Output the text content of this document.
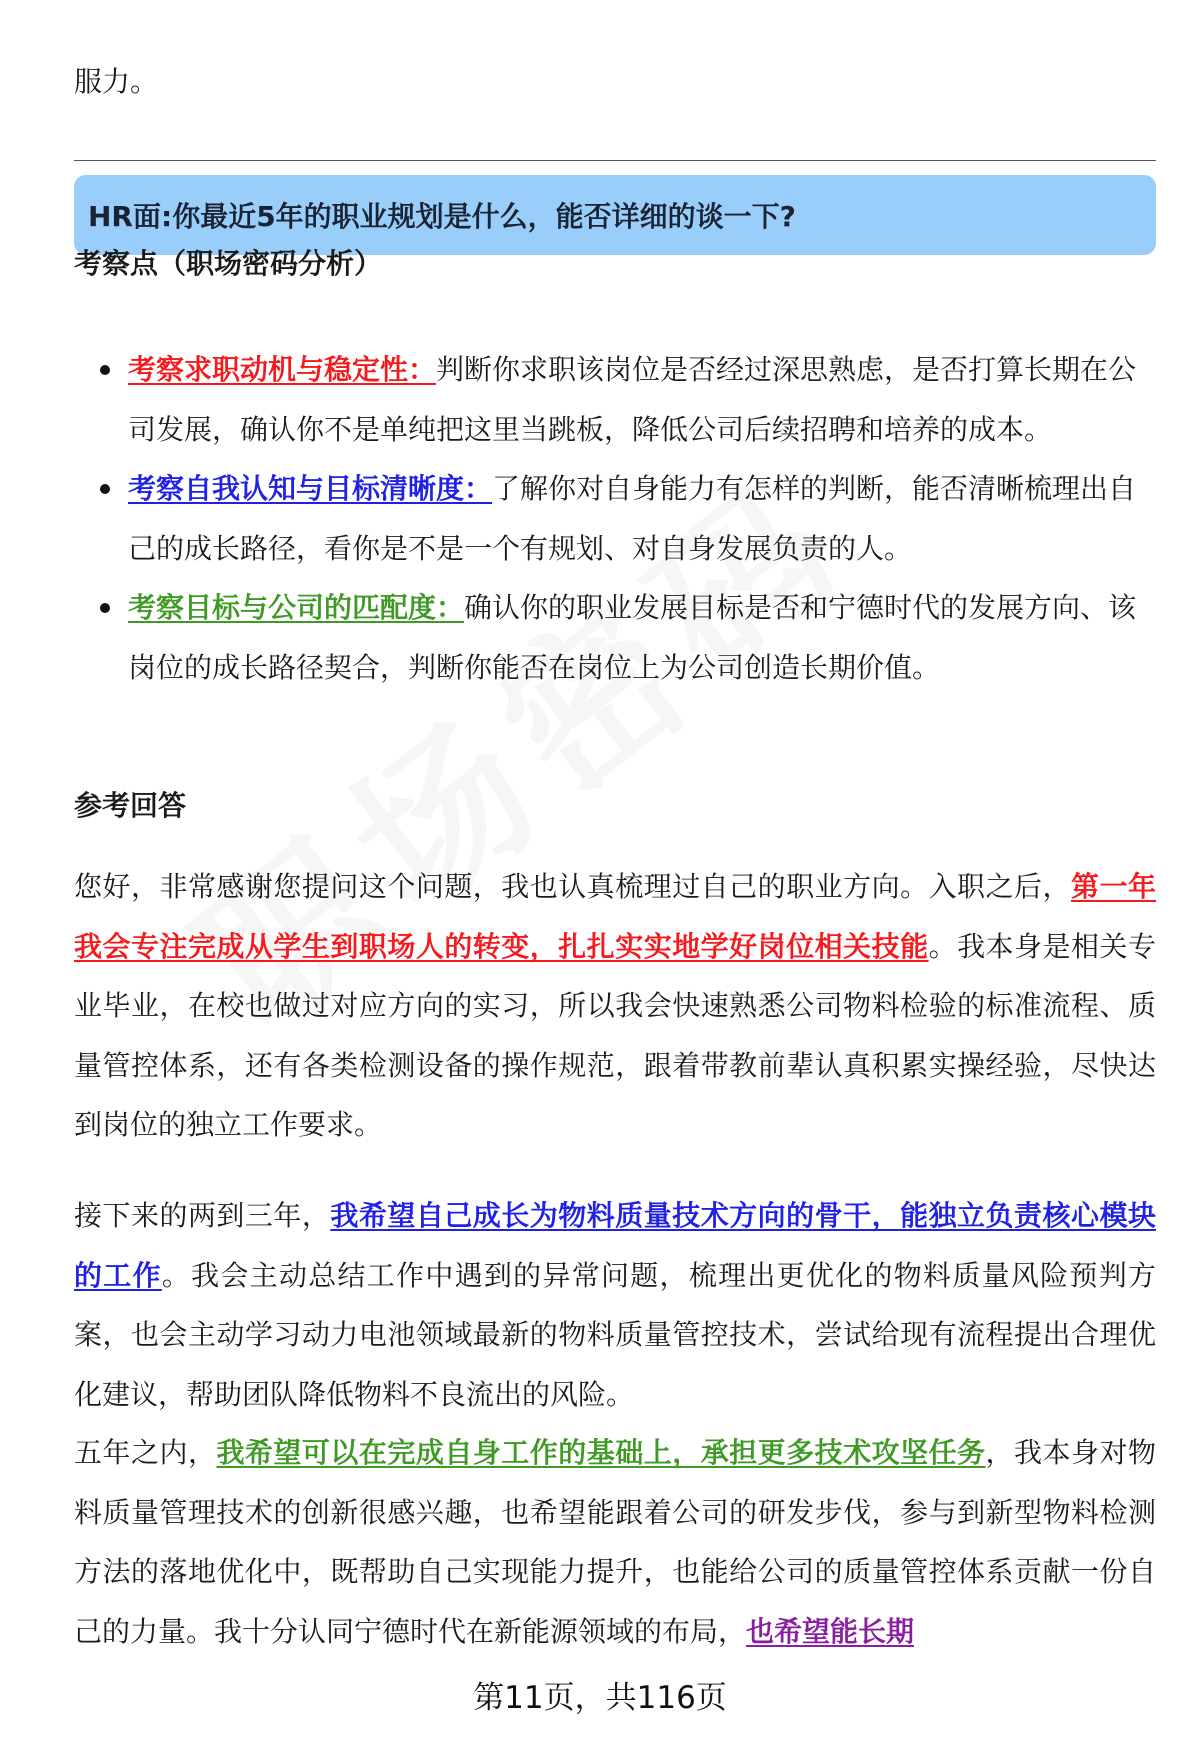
服力。

HR面:你最近5年的职业规划是什么，能否详细的谈一下?

考察点（职场密码分析）

考察求职动机与稳定性：判断你求职该岗位是否经过深思熟虑，是否打算长期在公司发展，确认你不是单纯把这里当跳板，降低公司后续招聘和培养的成本。
考察自我认知与目标清晰度：了解你对自身能力有怎样的判断，能否清晰梳理出自己的成长路径，看你是不是一个有规划、对自身发展负责的人。
考察目标与公司的匹配度：确认你的职业发展目标是否和宁德时代的发展方向、该岗位的成长路径契合，判断你能否在岗位上为公司创造长期价值。

参考回答

您好，非常感谢您提问这个问题，我也认真梳理过自己的职业方向。入职之后，第一年我会专注完成从学生到职场人的转变，扎扎实实地学好岗位相关技能。我本身是相关专业毕业，在校也做过对应方向的实习，所以我会快速熟悉公司物料检验的标准流程、质量管控体系，还有各类检测设备的操作规范，跟着带教前辈认真积累实操经验，尽快达到岗位的独立工作要求。

接下来的两到三年，我希望自己成长为物料质量技术方向的骨干，能独立负责核心模块的工作。我会主动总结工作中遇到的异常问题，梳理出更优化的物料质量风险预判方案，也会主动学习动力电池领域最新的物料质量管控技术，尝试给现有流程提出合理优化建议，帮助团队降低物料不良流出的风险。

五年之内，我希望可以在完成自身工作的基础上，承担更多技术攻坚任务，我本身对物料质量管理技术的创新很感兴趣，也希望能跟着公司的研发步伐，参与到新型物料检测方法的落地优化中，既帮助自己实现能力提升，也能给公司的质量管控体系贡献一份自己的力量。我十分认同宁德时代在新能源领域的布局，也希望能长期

第11页，共116页
